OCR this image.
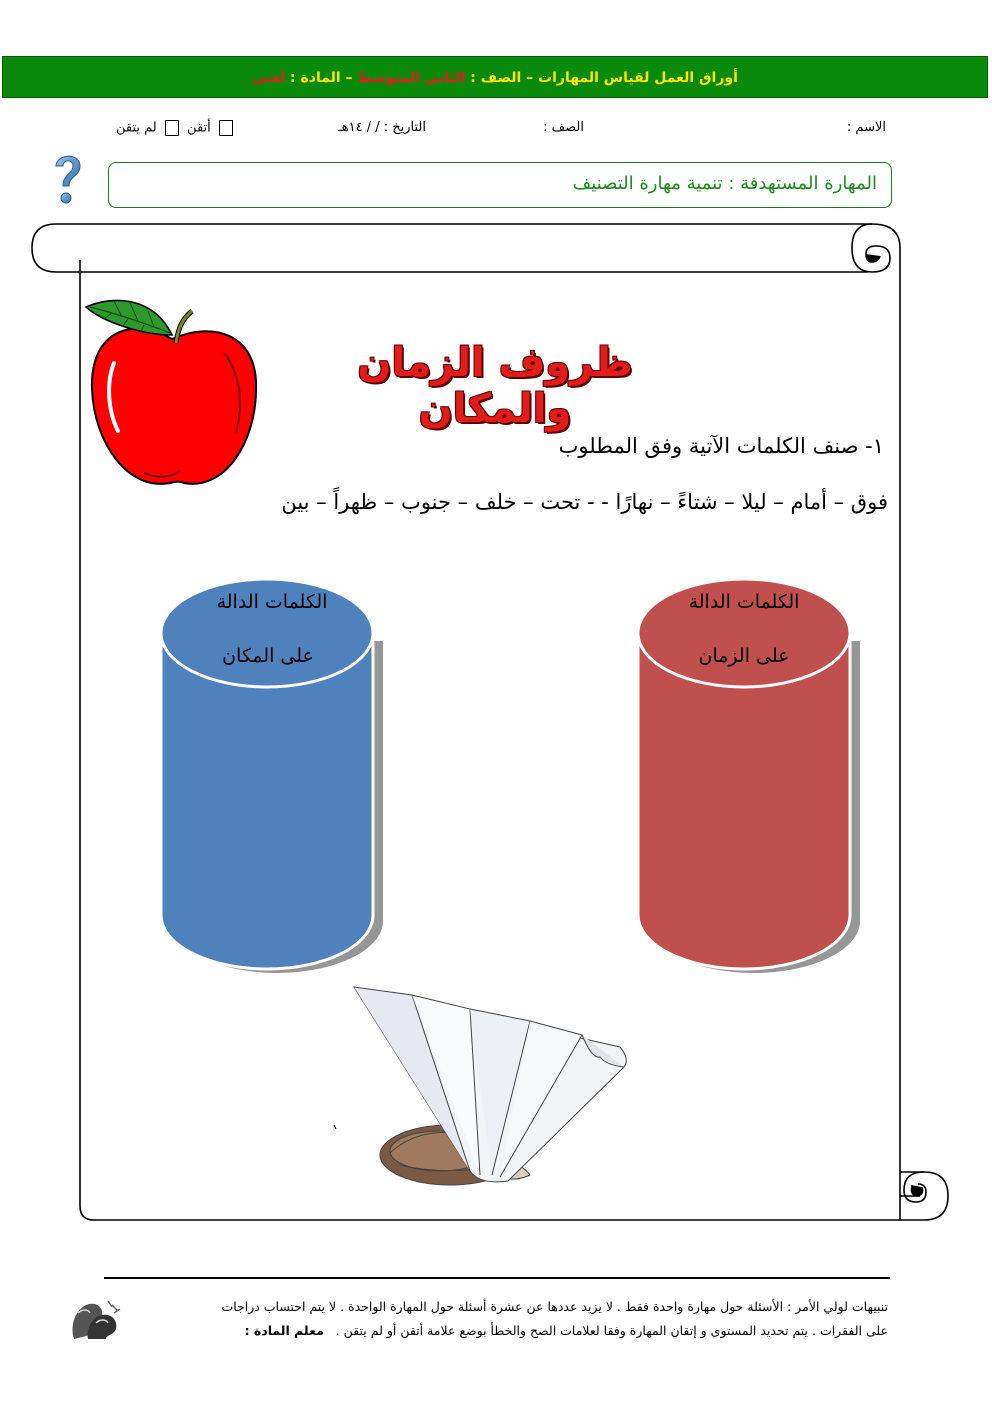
أوراق العمل لقياس المهارات – الصف : الثاني المتوسط – المادة : لغتي
الاسم :
الصف :
التاريخ : / / ١٤هـ
أتقن  لم يتقن
المهارة المستهدفة : تنمية مهارة التصنيف
ظروف الزمان والمكان
١- صنف الكلمات الآتية وفق المطلوب
فوق – أمام – ليلا – شتاءً – نهارًا - - تحت – خلف – جنوب – ظهراً – بين
الكلمات الدالة
على المكان
الكلمات الدالة
على الزمان
تنبيهات لولي الأمر : الأسئلة حول مهارة واحدة فقط . لا يزيد عددها عن عشرة أسئلة حول المهارة الواحدة . لا يتم احتساب دراجات
على الفقرات . يتم تحديد المستوى و إتقان المهارة وفقا لعلامات الصح والخطأ بوضع علامة أتقن أو لم يتقن .   معلم المادة :
